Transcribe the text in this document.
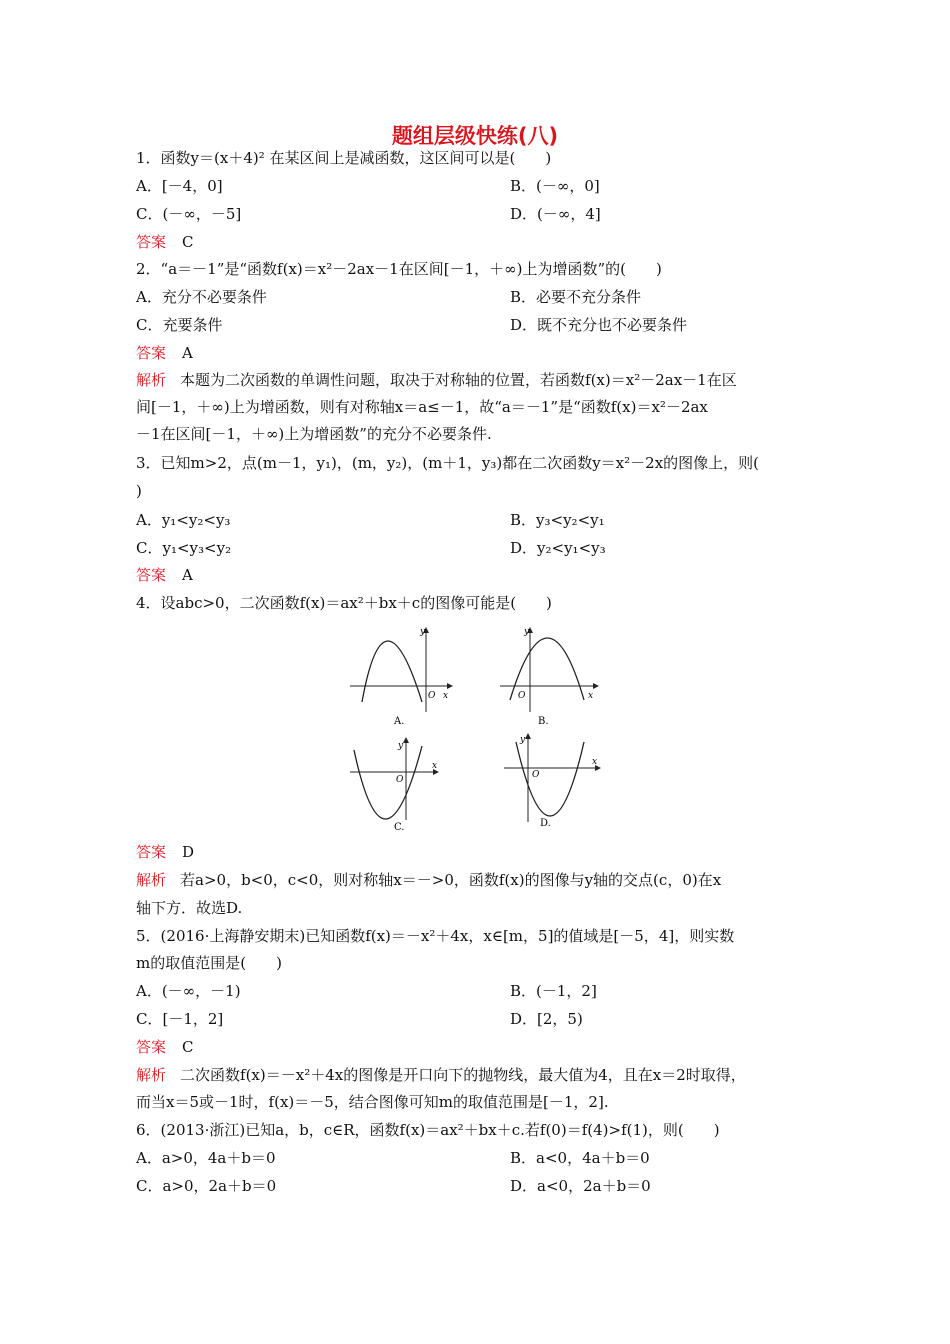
题组层级快练(八)
1．函数y＝(x＋4)² 在某区间上是减函数，这区间可以是(　　)
A．[－4，0]	B．(－∞，0]
C．(－∞，－5]	D．(－∞，4]
答案 C
2．“a＝－1”是“函数f(x)＝x²－2ax－1在区间[－1，＋∞)上为增函数”的(　　)
A．充分不必要条件	B．必要不充分条件
C．充要条件	D．既不充分也不必要条件
答案 A
解析 本题为二次函数的单调性问题，取决于对称轴的位置，若函数f(x)＝x²－2ax－1在区
间[－1，＋∞)上为增函数，则有对称轴x＝a≤－1，故“a＝－1”是“函数f(x)＝x²－2ax
－1在区间[－1，＋∞)上为增函数”的充分不必要条件.
3．已知m>2，点(m－1，y₁)，(m，y₂)，(m＋1，y₃)都在二次函数y＝x²－2x的图像上，则(
)
A．y₁<y₂<y₃	B．y₃<y₂<y₁
C．y₁<y₃<y₂	D．y₂<y₁<y₃
答案 A
4．设abc>0，二次函数f(x)＝ax²＋bx＋c的图像可能是(　　)
y
x
O
A.
y
x
O
B.
y
x
O
C.
y
x
O
D.
答案 D
解析 若a>0，b<0，c<0，则对称轴x＝－>0，函数f(x)的图像与y轴的交点(c，0)在x
轴下方．故选D.
5．(2016·上海静安期末)已知函数f(x)＝－x²＋4x，x∈[m，5]的值域是[－5，4]，则实数
m的取值范围是(　　)
A．(－∞，－1)	B．(－1，2]
C．[－1，2]	D．[2，5)
答案 C
解析 二次函数f(x)＝－x²＋4x的图像是开口向下的抛物线，最大值为4，且在x＝2时取得，
而当x＝5或－1时，f(x)＝－5，结合图像可知m的取值范围是[－1，2].
6．(2013·浙江)已知a，b，c∈R，函数f(x)＝ax²＋bx＋c.若f(0)＝f(4)>f(1)，则(　　)
A．a>0，4a＋b＝0	B．a<0，4a＋b＝0
C．a>0，2a＋b＝0	D．a<0，2a＋b＝0
